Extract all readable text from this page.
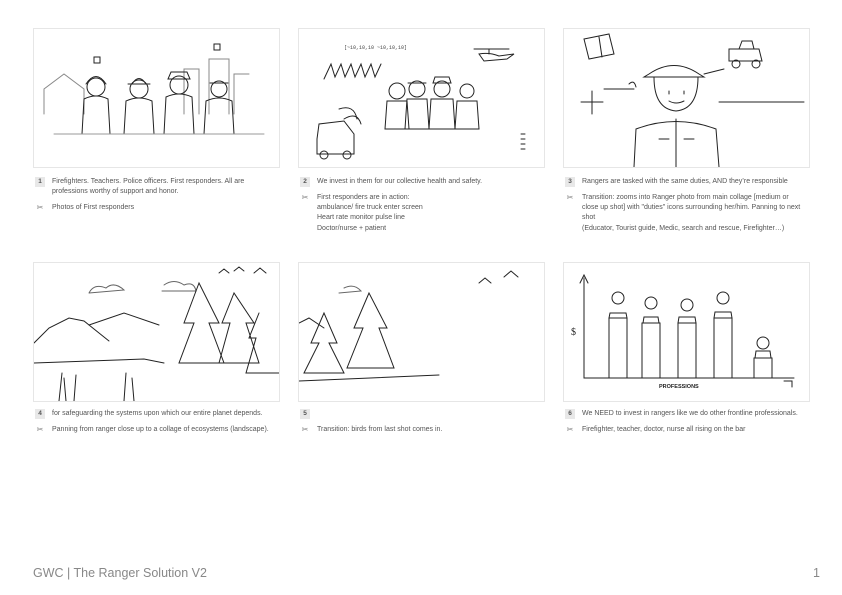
[~10,10,10 ~10,10,10]
$
PROFESSIONS
1	Firefighters. Teachers. Police officers. First responders. All are professions worthy of support and honor.
✂ Photos of First responders
2	We invest in them for our collective health and safety.
✂ First responders are in action:
ambulance/ fire truck enter screen
Heart rate monitor pulse line
Doctor/nurse + patient
3	Rangers are tasked with the same duties, AND they’re responsible
✂ Transition: zooms into Ranger photo from main collage [medium or close up shot] with "duties" icons surrounding her/him. Panning to next shot
(Educator, Tourist guide, Medic, search and rescue, Firefighter…)
4	for safeguarding the systems upon which our entire planet depends.
✂ Panning from ranger close up to a collage of ecosystems (landscape).
5
✂ Transition: birds from last shot comes in.
6	We NEED to invest in rangers like we do other frontline professionals.
✂ Firefighter, teacher, doctor, nurse all rising on the bar
GWC | The Ranger Solution V2	1
